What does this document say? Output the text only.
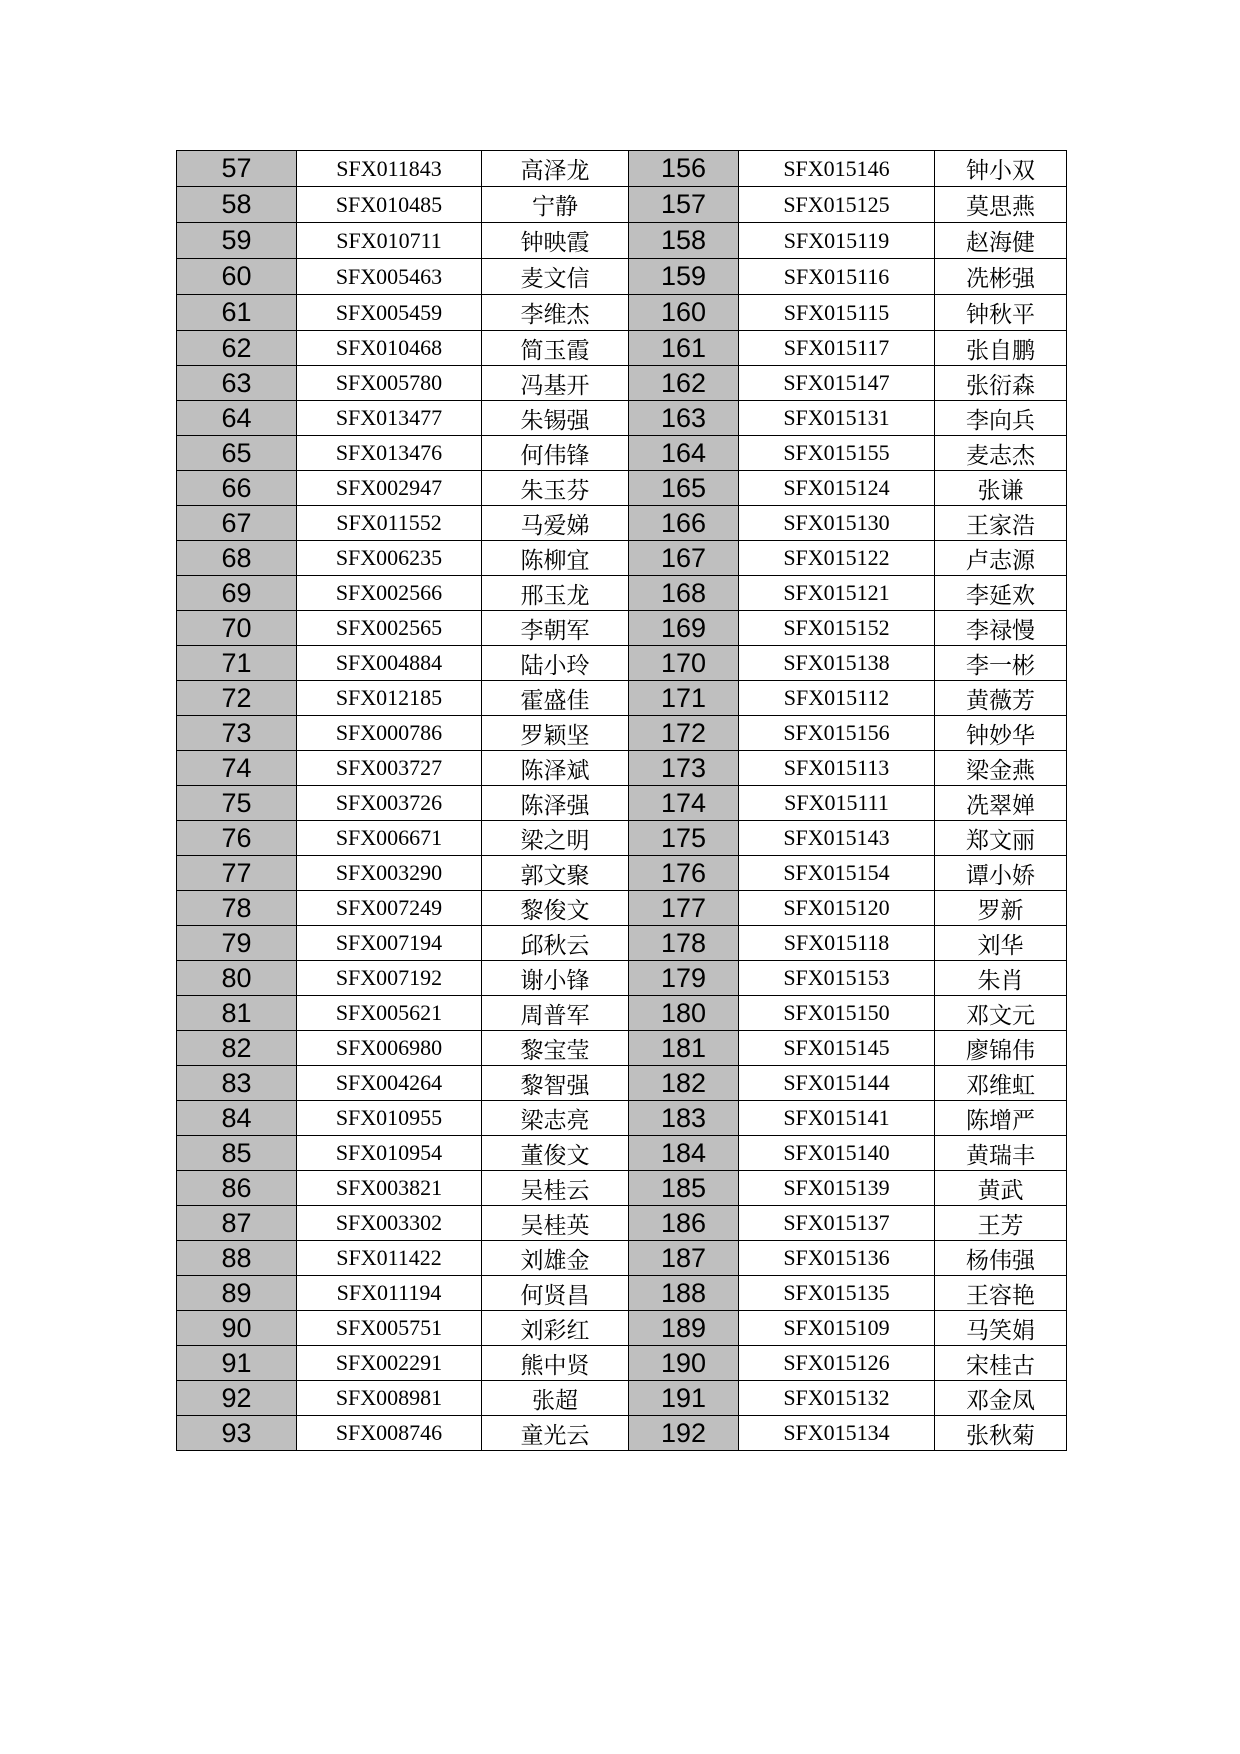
57	SFX011843	高泽龙	156	SFX015146	钟小双
58	SFX010485	宁静	157	SFX015125	莫思燕
59	SFX010711	钟映霞	158	SFX015119	赵海健
60	SFX005463	麦文信	159	SFX015116	冼彬强
61	SFX005459	李维杰	160	SFX015115	钟秋平
62	SFX010468	简玉霞	161	SFX015117	张自鹏
63	SFX005780	冯基开	162	SFX015147	张衍森
64	SFX013477	朱锡强	163	SFX015131	李向兵
65	SFX013476	何伟锋	164	SFX015155	麦志杰
66	SFX002947	朱玉芬	165	SFX015124	张谦
67	SFX011552	马爱娣	166	SFX015130	王家浩
68	SFX006235	陈柳宜	167	SFX015122	卢志源
69	SFX002566	邢玉龙	168	SFX015121	李延欢
70	SFX002565	李朝军	169	SFX015152	李禄慢
71	SFX004884	陆小玲	170	SFX015138	李一彬
72	SFX012185	霍盛佳	171	SFX015112	黄薇芳
73	SFX000786	罗颖坚	172	SFX015156	钟妙华
74	SFX003727	陈泽斌	173	SFX015113	梁金燕
75	SFX003726	陈泽强	174	SFX015111	冼翠婵
76	SFX006671	梁之明	175	SFX015143	郑文丽
77	SFX003290	郭文聚	176	SFX015154	谭小娇
78	SFX007249	黎俊文	177	SFX015120	罗新
79	SFX007194	邱秋云	178	SFX015118	刘华
80	SFX007192	谢小锋	179	SFX015153	朱肖
81	SFX005621	周普军	180	SFX015150	邓文元
82	SFX006980	黎宝莹	181	SFX015145	廖锦伟
83	SFX004264	黎智强	182	SFX015144	邓维虹
84	SFX010955	梁志亮	183	SFX015141	陈增严
85	SFX010954	董俊文	184	SFX015140	黄瑞丰
86	SFX003821	吴桂云	185	SFX015139	黄武
87	SFX003302	吴桂英	186	SFX015137	王芳
88	SFX011422	刘雄金	187	SFX015136	杨伟强
89	SFX011194	何贤昌	188	SFX015135	王容艳
90	SFX005751	刘彩红	189	SFX015109	马笑娟
91	SFX002291	熊中贤	190	SFX015126	宋桂古
92	SFX008981	张超	191	SFX015132	邓金凤
93	SFX008746	童光云	192	SFX015134	张秋菊
